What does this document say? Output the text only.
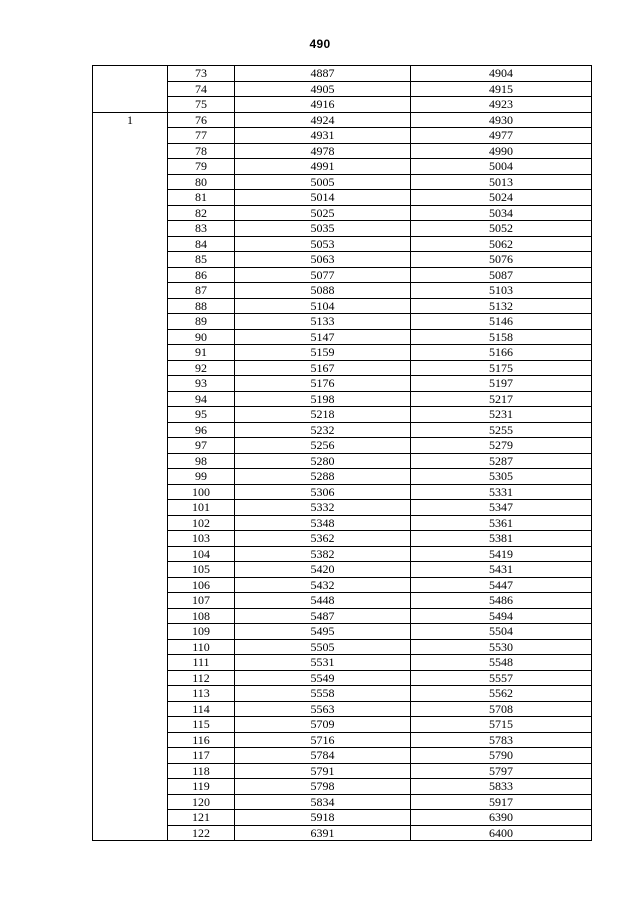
490
	73	4887	4904
	74	4905	4915
	75	4916	4923
1	76	4924	4930
	77	4931	4977
	78	4978	4990
	79	4991	5004
	80	5005	5013
	81	5014	5024
	82	5025	5034
	83	5035	5052
	84	5053	5062
	85	5063	5076
	86	5077	5087
	87	5088	5103
	88	5104	5132
	89	5133	5146
	90	5147	5158
	91	5159	5166
	92	5167	5175
	93	5176	5197
	94	5198	5217
	95	5218	5231
	96	5232	5255
	97	5256	5279
	98	5280	5287
	99	5288	5305
	100	5306	5331
	101	5332	5347
	102	5348	5361
	103	5362	5381
	104	5382	5419
	105	5420	5431
	106	5432	5447
	107	5448	5486
	108	5487	5494
	109	5495	5504
	110	5505	5530
	111	5531	5548
	112	5549	5557
	113	5558	5562
	114	5563	5708
	115	5709	5715
	116	5716	5783
	117	5784	5790
	118	5791	5797
	119	5798	5833
	120	5834	5917
	121	5918	6390
	122	6391	6400
